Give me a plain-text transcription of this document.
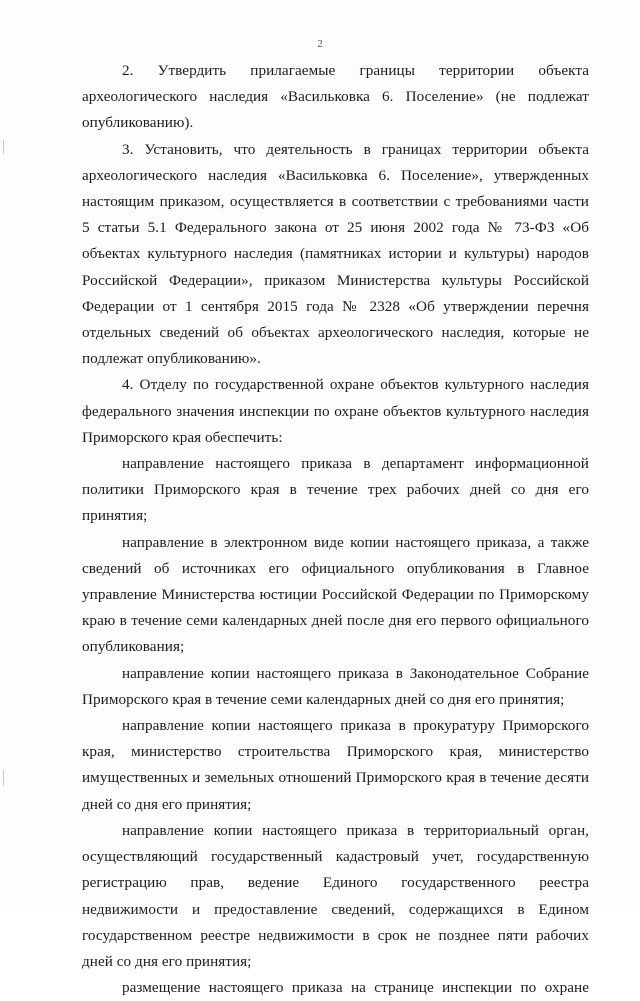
2

2. Утвердить прилагаемые границы территории объекта археологического наследия «Васильковка 6. Поселение» (не подлежат опубликованию).

3. Установить, что деятельность в границах территории объекта археологического наследия «Васильковка 6. Поселение», утвержденных настоящим приказом, осуществляется в соответствии с требованиями части 5 статьи 5.1 Федерального закона от 25 июня 2002 года № 73-ФЗ «Об объектах культурного наследия (памятниках истории и культуры) народов Российской Федерации», приказом Министерства культуры Российской Федерации от 1 сентября 2015 года № 2328 «Об утверждении перечня отдельных сведений об объектах археологического наследия, которые не подлежат опубликованию».

4. Отделу по государственной охране объектов культурного наследия федерального значения инспекции по охране объектов культурного наследия Приморского края обеспечить:

направление настоящего приказа в департамент информационной политики Приморского края в течение трех рабочих дней со дня его принятия;

направление в электронном виде копии настоящего приказа, а также сведений об источниках его официального опубликования в Главное управление Министерства юстиции Российской Федерации по Приморскому краю в течение семи календарных дней после дня его первого официального опубликования;

направление копии настоящего приказа в Законодательное Собрание Приморского края в течение семи календарных дней со дня его принятия;

направление копии настоящего приказа в прокуратуру Приморского края, министерство строительства Приморского края, министерство имущественных и земельных отношений Приморского края в течение десяти дней со дня его принятия;

направление копии настоящего приказа в территориальный орган, осуществляющий государственный кадастровый учет, государственную регистрацию прав, ведение Единого государственного реестра недвижимости и предоставление сведений, содержащихся в Едином государственном реестре недвижимости в срок не позднее пяти рабочих дней со дня его принятия;

размещение настоящего приказа на странице инспекции по охране
